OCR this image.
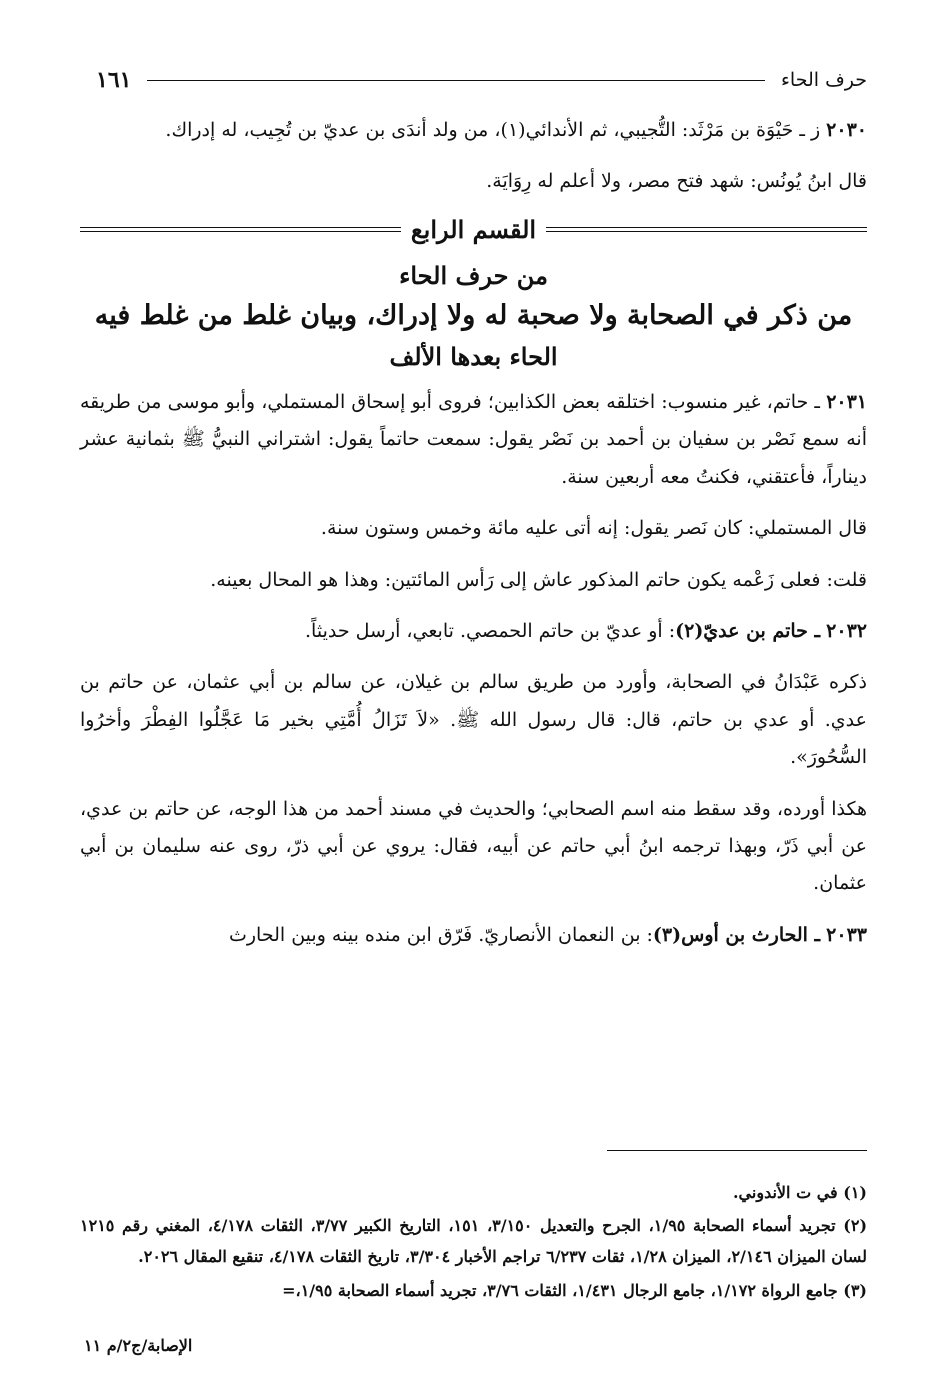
حرف الحاء
١٦١

٢٠٣٠ ز ـ حَيْوَة بن مَرْثَد: التُّجيبي، ثم الأندائي(١)، من ولد أندَى بن عديّ بن تُجِيب، له إدراك.

قال ابنُ يُونُس: شهد فتح مصر، ولا أعلم له رِوَايَة.

القسم الرابع

من حرف الحاء

من ذكر في الصحابة ولا صحبة له ولا إدراك، وبيان غلط من غلط فيه

الحاء بعدها الألف

٢٠٣١ ـ حاتم، غير منسوب: اختلقه بعض الكذابين؛ فروى أبو إسحاق المستملي، وأبو موسى من طريقه أنه سمع نَصْر بن سفيان بن أحمد بن نَصْر يقول: سمعت حاتماً يقول: اشتراني النبيُّ ﷺ بثمانية عشر ديناراً، فأعتقني، فكنتُ معه أربعين سنة.

قال المستملي: كان نَصر يقول: إنه أتى عليه مائة وخمس وستون سنة.

قلت: فعلى زَعْمه يكون حاتم المذكور عاش إلى رَأس المائتين: وهذا هو المحال بعينه.

٢٠٣٢ ـ حاتم بن عديّ(٢): أو عديّ بن حاتم الحمصي. تابعي، أرسل حديثاً.

ذكره عَبْدَانُ في الصحابة، وأورد من طريق سالم بن غيلان، عن سالم بن أبي عثمان، عن حاتم بن عدي. أو عدي بن حاتم، قال: قال رسول الله ﷺ. «لاَ تَزَالُ أُمَّتِي بخير مَا عَجَّلُوا الفِطْرَ وأخرُوا السُّحُورَ».

هكذا أورده، وقد سقط منه اسم الصحابي؛ والحديث في مسند أحمد من هذا الوجه، عن حاتم بن عدي، عن أبي ذَرّ، وبهذا ترجمه ابنُ أبي حاتم عن أبيه، فقال: يروي عن أبي ذرّ، روى عنه سليمان بن أبي عثمان.

٢٠٣٣ ـ الحارث بن أوس(٣): بن النعمان الأنصاريّ. فَرّق ابن منده بينه وبين الحارث

(١) في ت الأندوني.

(٢) تجريد أسماء الصحابة ١/٩٥، الجرح والتعديل ٣/١٥٠، ١٥١، التاريخ الكبير ٣/٧٧، الثقات ٤/١٧٨، المغني رقم ١٢١٥ لسان الميزان ٢/١٤٦، الميزان ١/٢٨، ثقات ٦/٢٣٧ تراجم الأخبار ٣/٣٠٤، تاريخ الثقات ٤/١٧٨، تنقيع المقال ٢٠٢٦.

(٣) جامع الرواة ١/١٧٢، جامع الرجال ١/٤٣١، الثقات ٣/٧٦، تجريد أسماء الصحابة ١/٩٥،=

الإصابة/ج٢/م ١١
